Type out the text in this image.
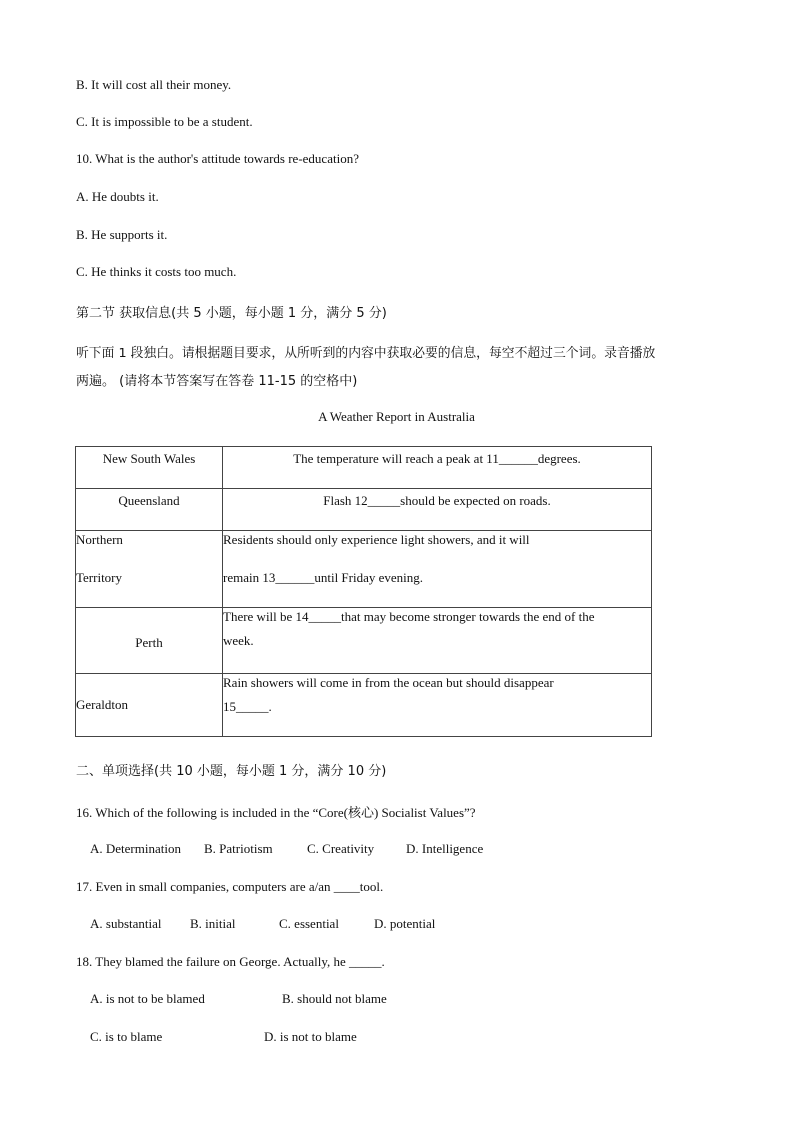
B. It will cost all their money.
C. It is impossible to be a student.
10. What is the author's attitude towards re-education?
A. He doubts it.
B. He supports it.
C. He thinks it costs too much.
第二节 获取信息(共 5 小题，每小题 1 分，满分 5 分)
听下面 1 段独白。请根据题目要求，从所听到的内容中获取必要的信息，每空不超过三个词。录音播放
两遍。 (请将本节答案写在答卷 11-15 的空格中)
A Weather Report in Australia
New South Wales	The temperature will reach a peak at 11______degrees.
Queensland	Flash 12_____should be expected on roads.

Northern
Territory	Residents should only experience light showers, and it will
remain 13______until Friday evening.

Perth	There will be 14_____that may become stronger towards the end of the
week.

Geraldton	Rain showers will come in from the ocean but should disappear
15_____.
二、单项选择(共 10 小题，每小题 1 分，满分 10 分)
16. Which of the following is included in the “Core(核心) Socialist Values”?
A. Determination B. Patriotism	C. Creativity D. Intelligence
17. Even in small companies, computers are a/an ____tool.
A. substantial B. initial	C. essential	D. potential
18. They blamed the failure on George. Actually, he _____.
A. is not to be blamed	B. should not blame
C. is to blame	D. is not to blame
